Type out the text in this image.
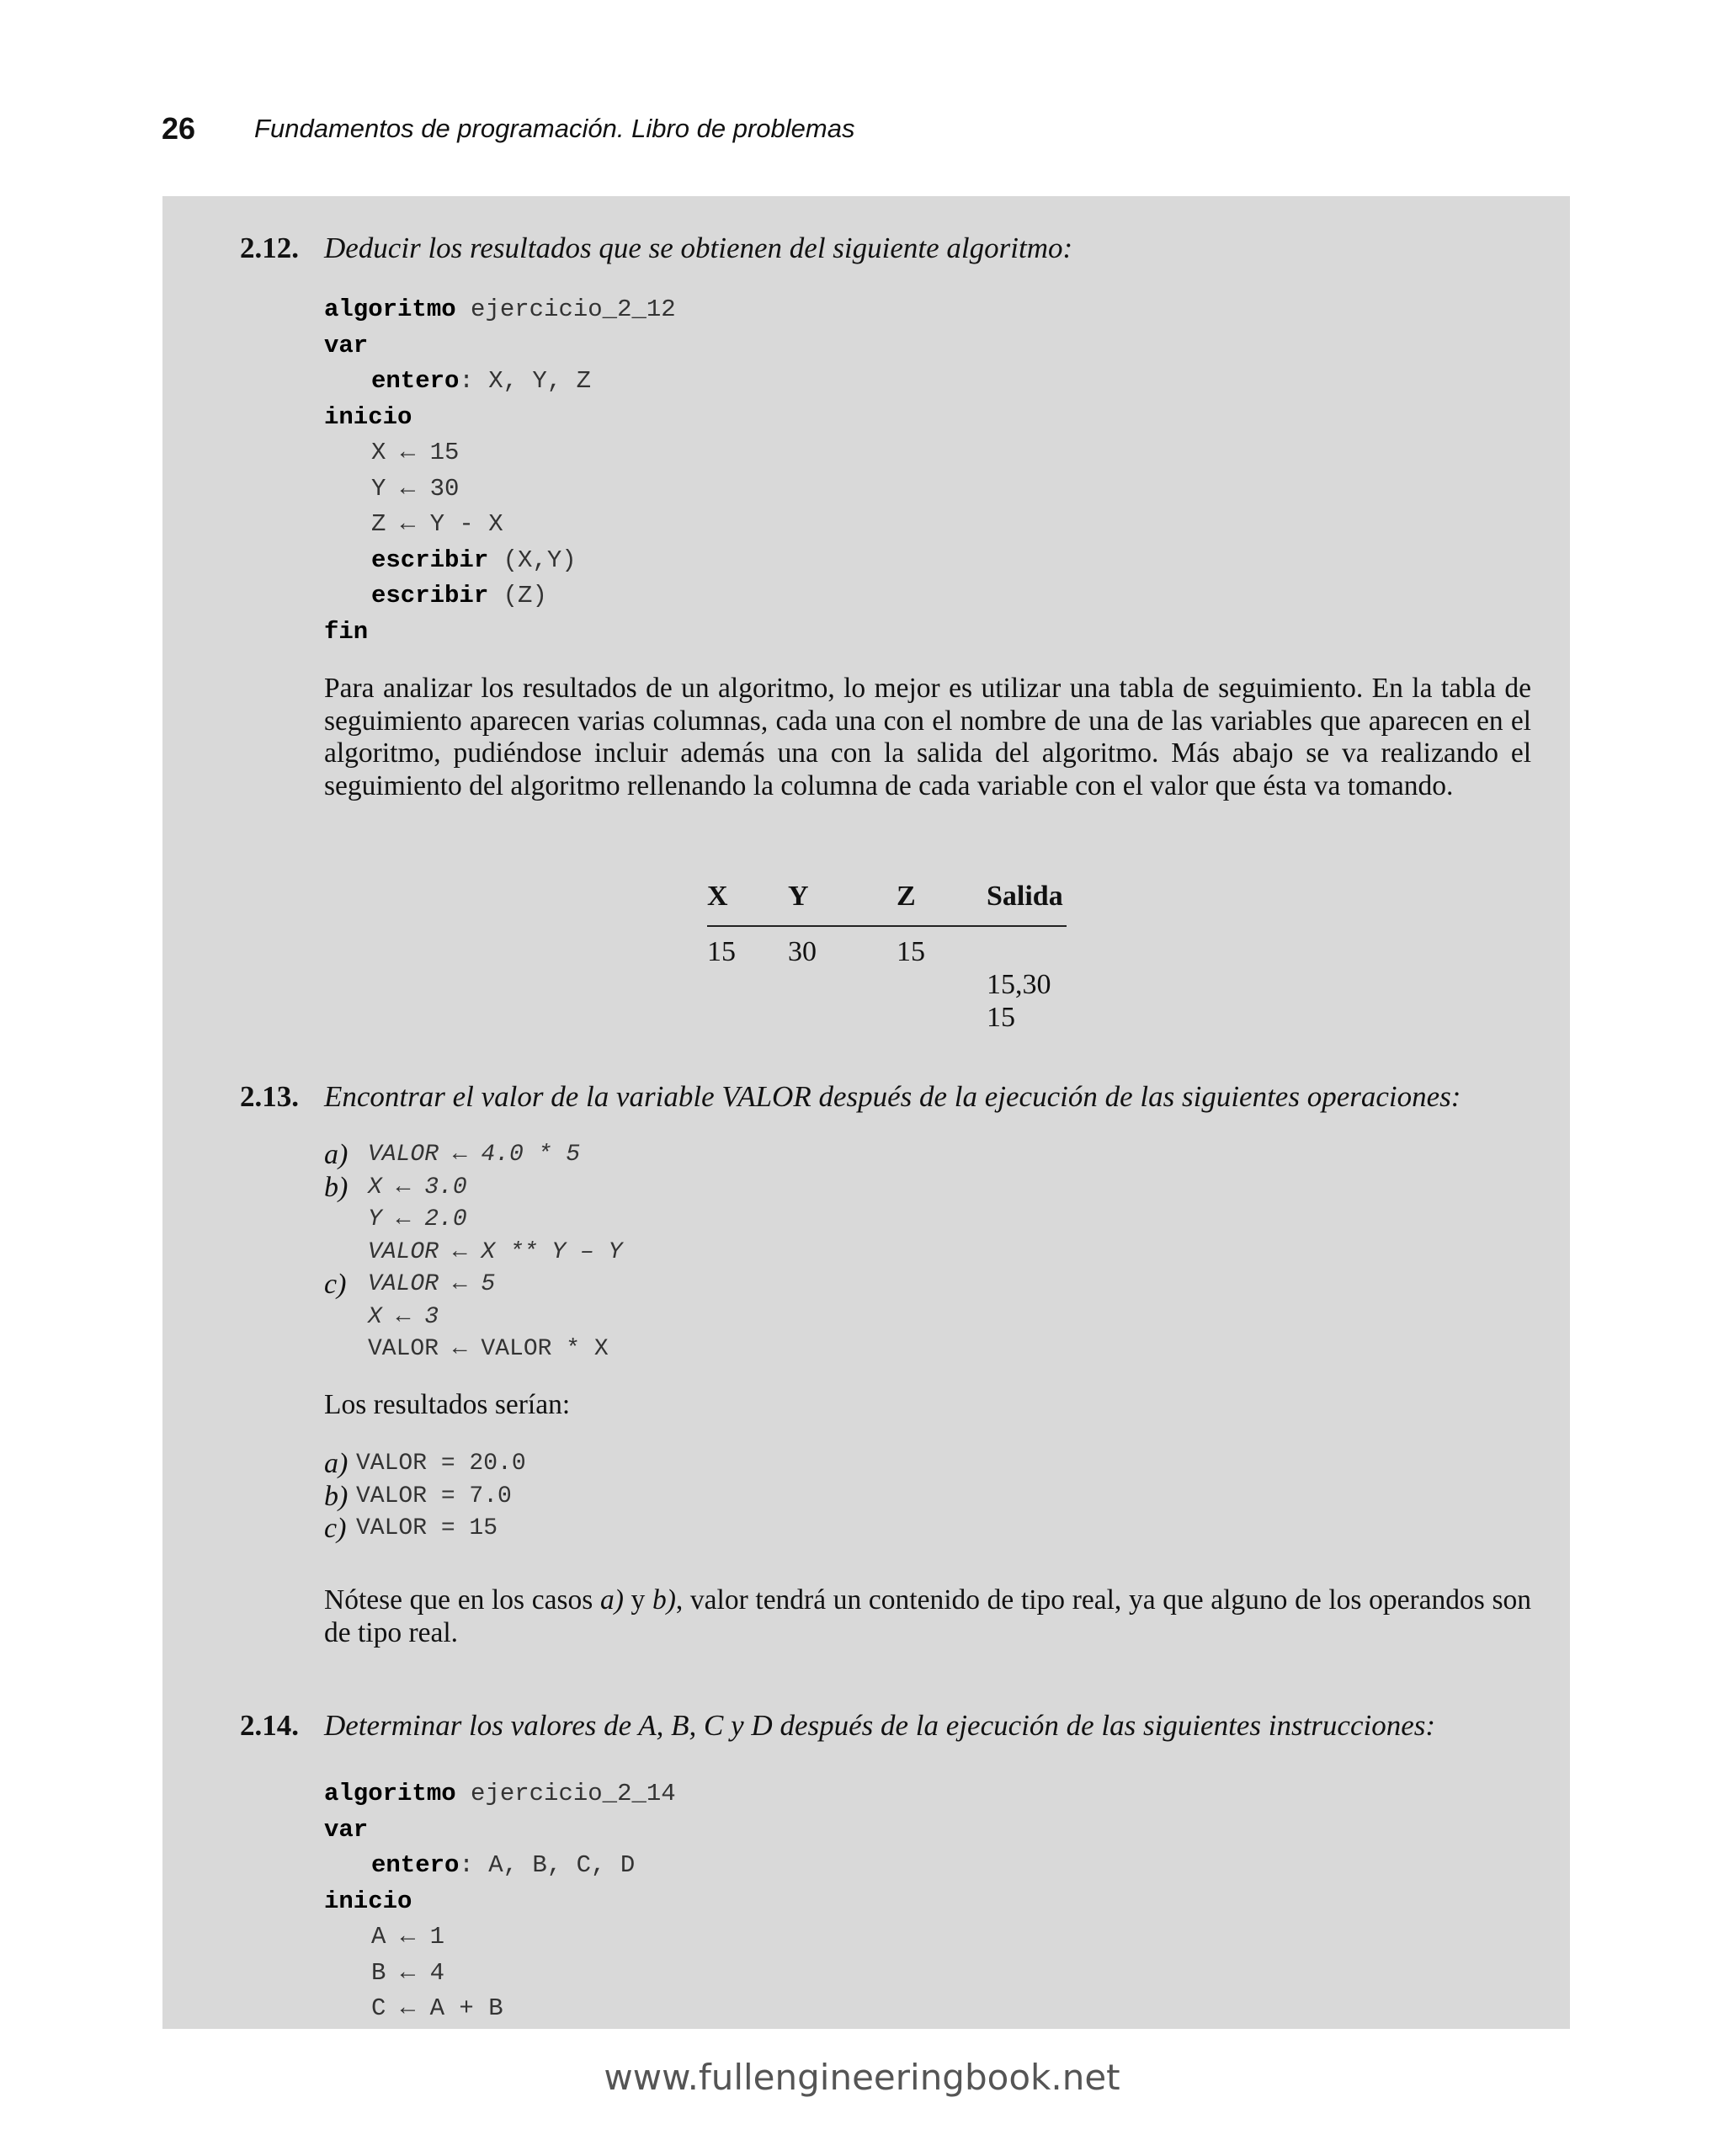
26 Fundamentos de programación. Libro de problemas
2.12. Deducir los resultados que se obtienen del siguiente algoritmo:
algoritmo ejercicio_2_12
var
entero: X, Y, Z
inicio
X ← 15
Y ← 30
Z ← Y - X
escribir (X,Y)
escribir (Z)
fin
Para analizar los resultados de un algoritmo, lo mejor es utilizar una tabla de seguimiento. En la tabla de seguimiento aparecen varias columnas, cada una con el nombre de una de las variables que aparecen en el algoritmo, pudiéndose incluir además una con la salida del algoritmo. Más abajo se va realizando el seguimiento del algoritmo rellenando la columna de cada variable con el valor que ésta va tomando.
X	Y	Z	Salida
15	30	15	
			15,30
			15
2.13. Encontrar el valor de la variable VALOR después de la ejecución de las siguientes operaciones:
a) VALOR ← 4.0 * 5
b) X ← 3.0
Y ← 2.0
VALOR ← X ** Y – Y
c) VALOR ← 5
X ← 3
VALOR ← VALOR * X
Los resultados serían:
a) VALOR = 20.0
b) VALOR = 7.0
c) VALOR = 15
Nótese que en los casos a) y b), valor tendrá un contenido de tipo real, ya que alguno de los operandos son de tipo real.
2.14. Determinar los valores de A, B, C y D después de la ejecución de las siguientes instrucciones:
algoritmo ejercicio_2_14
var
entero: A, B, C, D
inicio
A ← 1
B ← 4
C ← A + B
www.fullengineeringbook.net
